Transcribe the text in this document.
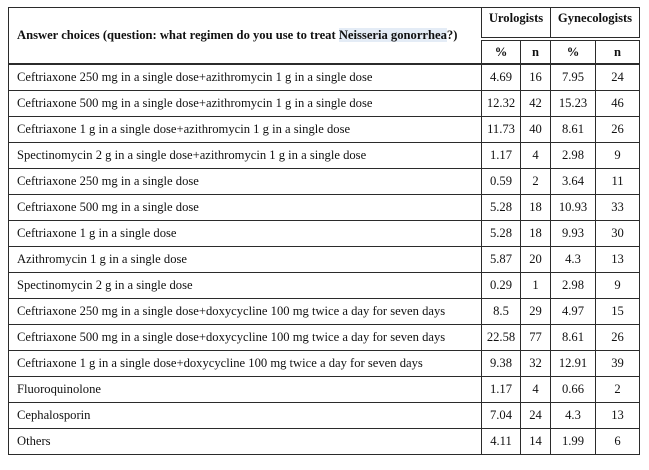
Answer choices (question: what regimen do you use to treat Neisseria gonorrhea?)	Urologists		Gynecologists	
	%	n	%	n
Ceftriaxone 250 mg in a single dose+azithromycin 1 g in a single dose	4.69	16	7.95	24
Ceftriaxone 500 mg in a single dose+azithromycin 1 g in a single dose	12.32	42	15.23	46
Ceftriaxone 1 g in a single dose+azithromycin 1 g in a single dose	11.73	40	8.61	26
Spectinomycin 2 g in a single dose+azithromycin 1 g in a single dose	1.17	4	2.98	9
Ceftriaxone 250 mg in a single dose	0.59	2	3.64	11
Ceftriaxone 500 mg in a single dose	5.28	18	10.93	33
Ceftriaxone 1 g in a single dose	5.28	18	9.93	30
Azithromycin 1 g in a single dose	5.87	20	4.3	13
Spectinomycin 2 g in a single dose	0.29	1	2.98	9
Ceftriaxone 250 mg in a single dose+doxycycline 100 mg twice a day for seven days	8.5	29	4.97	15
Ceftriaxone 500 mg in a single dose+doxycycline 100 mg twice a day for seven days	22.58	77	8.61	26
Ceftriaxone 1 g in a single dose+doxycycline 100 mg twice a day for seven days	9.38	32	12.91	39
Fluoroquinolone	1.17	4	0.66	2
Cephalosporin	7.04	24	4.3	13
Others	4.11	14	1.99	6
